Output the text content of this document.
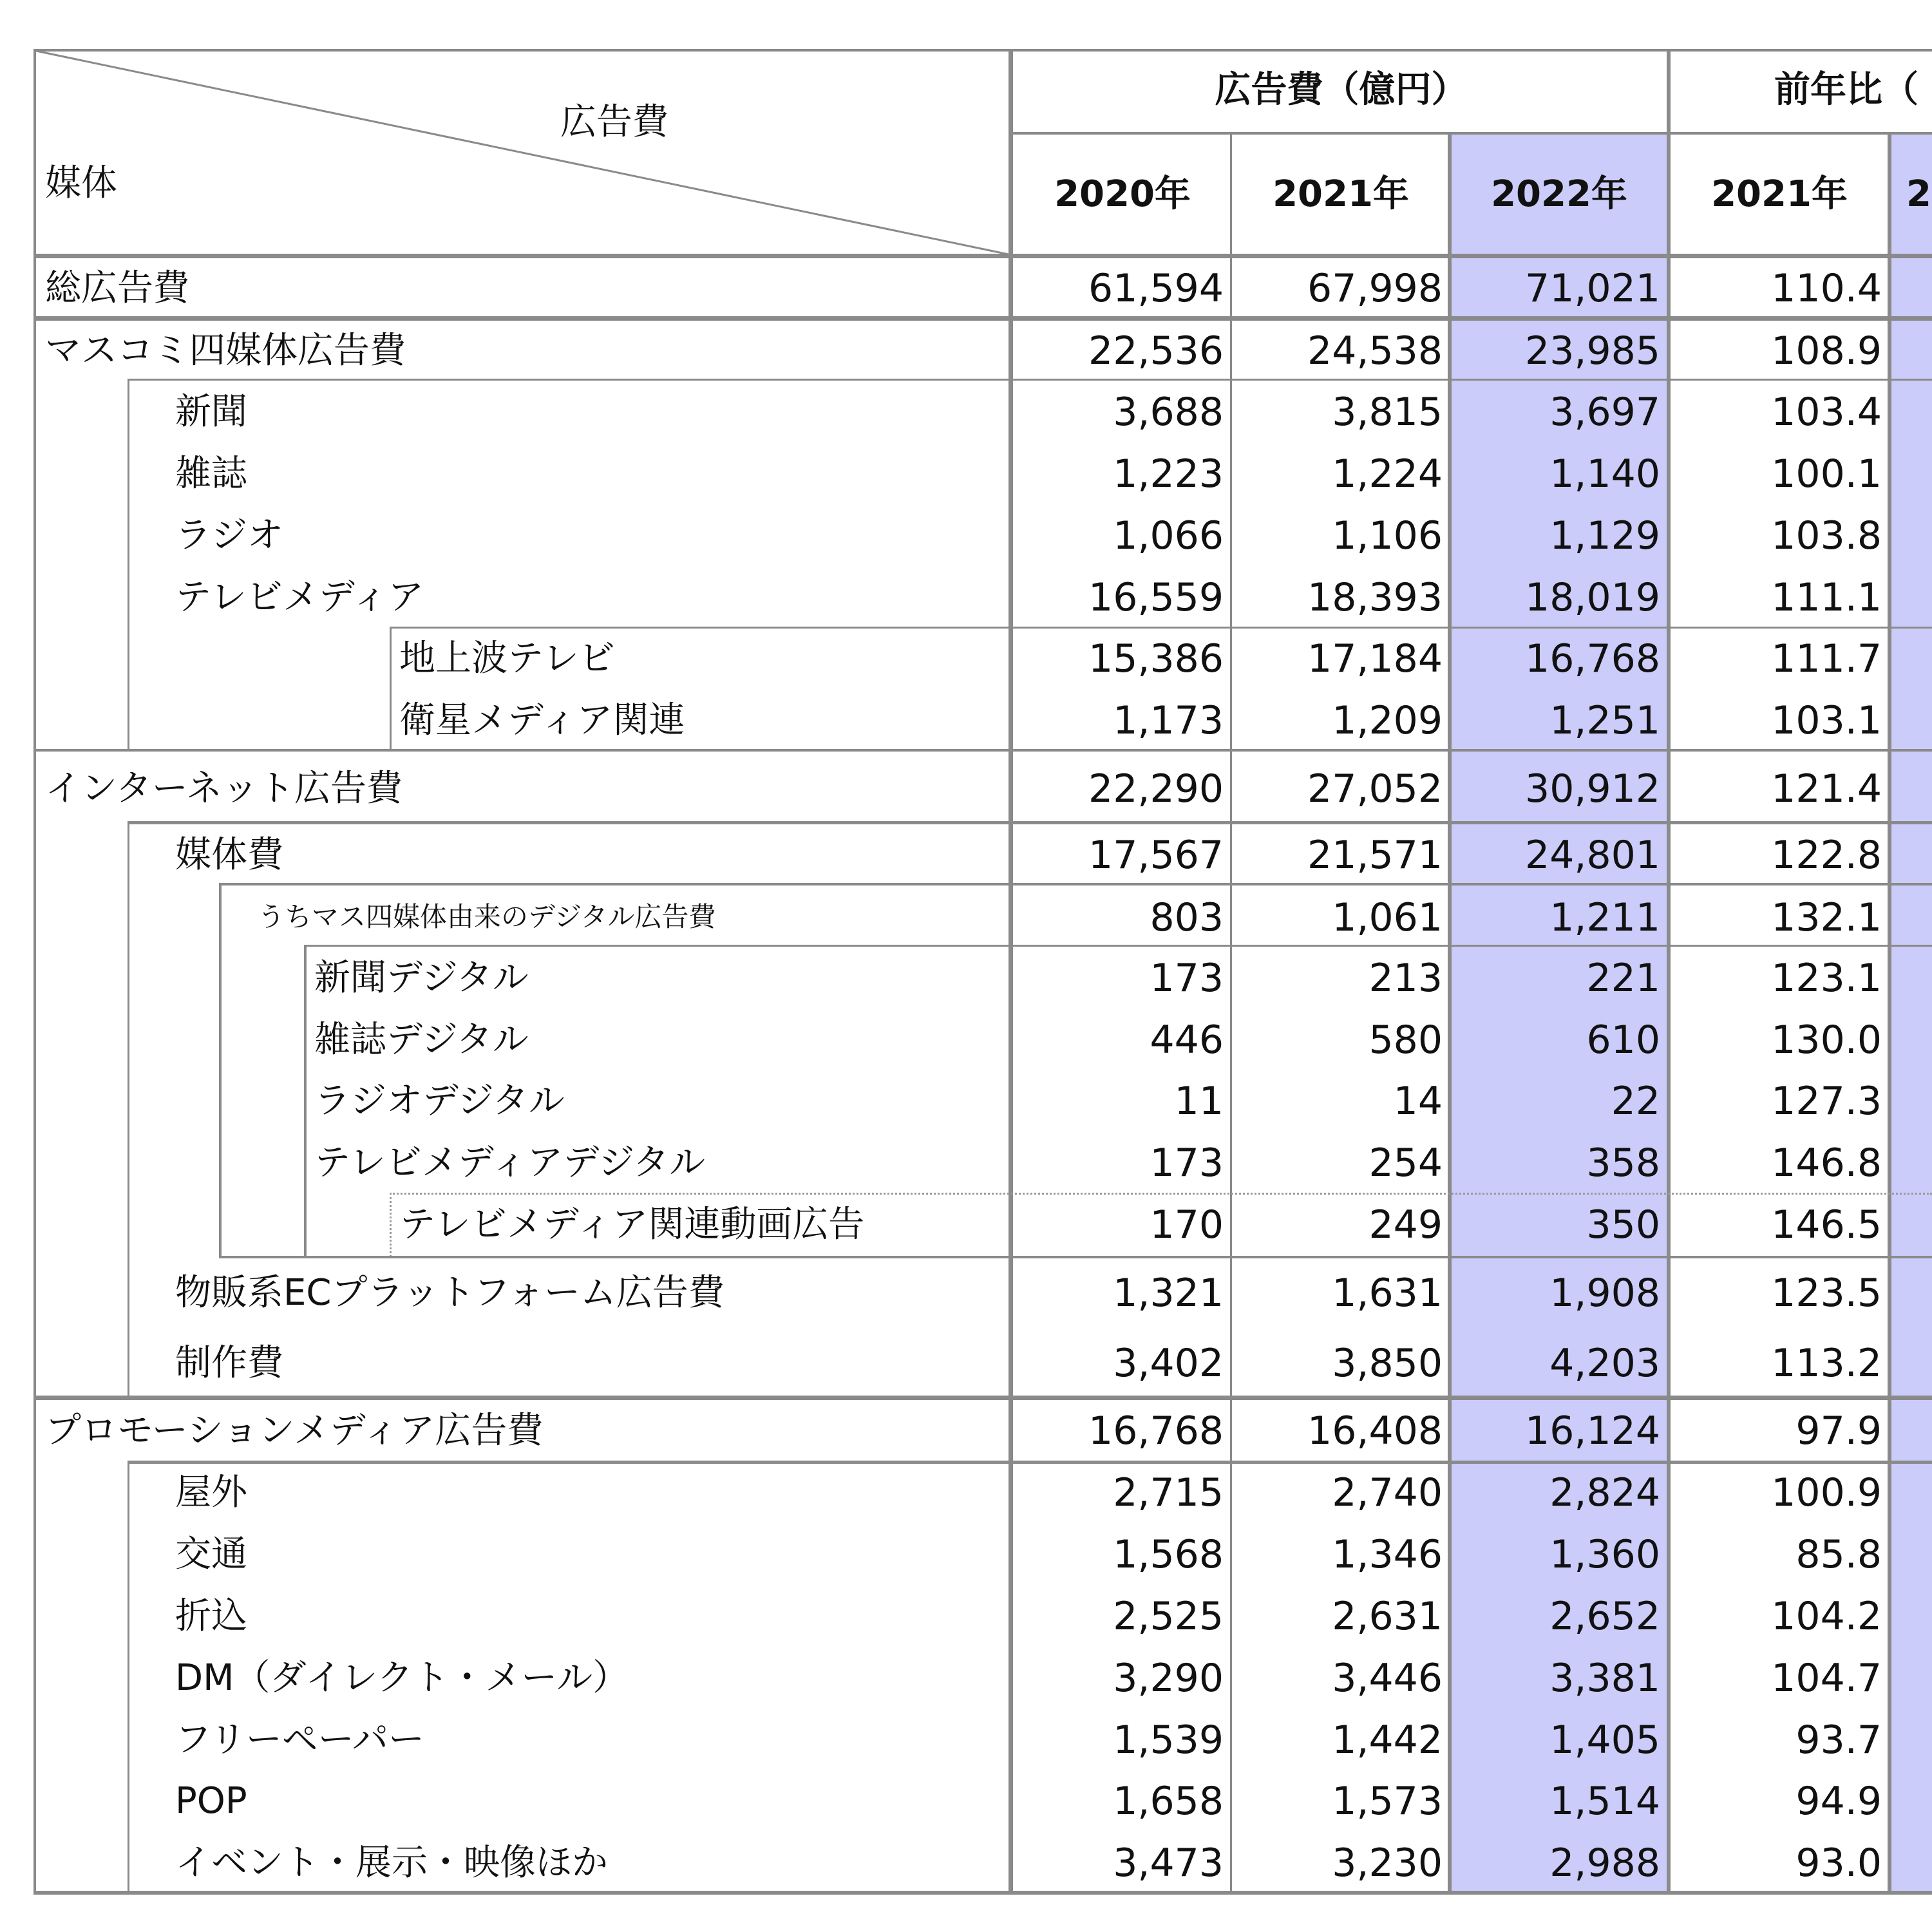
広告費
媒体
広告費（億円）	前年比（
2020年	2021年	2022年	2021年	2
総広告費	61,594	67,998	71,021	110.4
マスコミ四媒体広告費	22,536	24,538	23,985	108.9
新聞	3,688	3,815	3,697	103.4
雑誌	1,223	1,224	1,140	100.1
ラジオ	1,066	1,106	1,129	103.8
テレビメディア	16,559	18,393	18,019	111.1
地上波テレビ	15,386	17,184	16,768	111.7
衛星メディア関連	1,173	1,209	1,251	103.1
インターネット広告費	22,290	27,052	30,912	121.4
媒体費	17,567	21,571	24,801	122.8
うちマス四媒体由来のデジタル広告費	803	1,061	1,211	132.1
新聞デジタル	173	213	221	123.1
雑誌デジタル	446	580	610	130.0
ラジオデジタル	11	14	22	127.3
テレビメディアデジタル	173	254	358	146.8
テレビメディア関連動画広告	170	249	350	146.5
物販系ECプラットフォーム広告費	1,321	1,631	1,908	123.5
制作費	3,402	3,850	4,203	113.2
プロモーションメディア広告費	16,768	16,408	16,124	97.9
屋外	2,715	2,740	2,824	100.9
交通	1,568	1,346	1,360	85.8
折込	2,525	2,631	2,652	104.2
DM（ダイレクト・メール）	3,290	3,446	3,381	104.7
フリーペーパー	1,539	1,442	1,405	93.7
POP	1,658	1,573	1,514	94.9
イベント・展示・映像ほか	3,473	3,230	2,988	93.0
